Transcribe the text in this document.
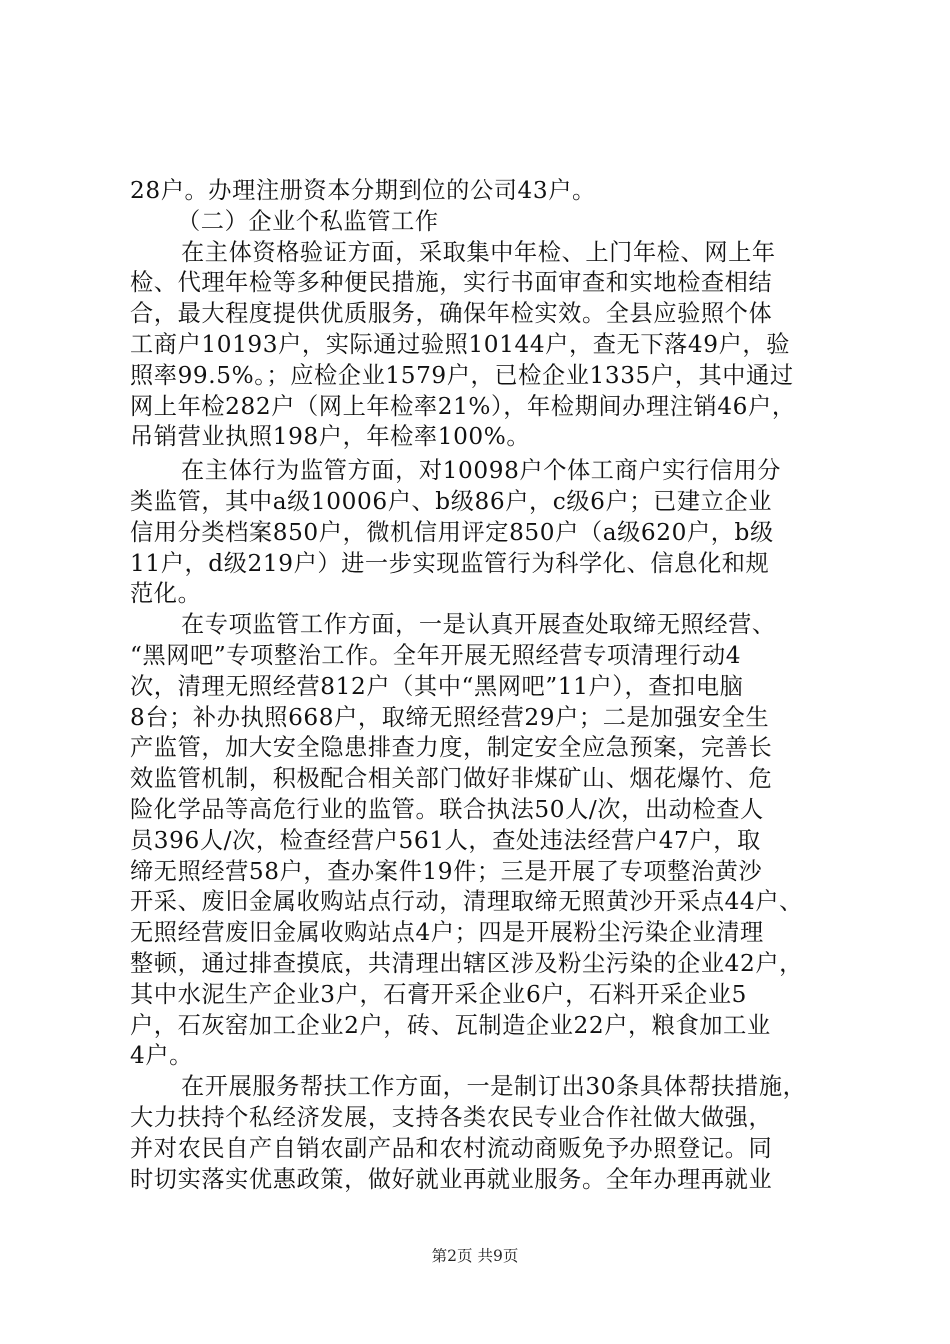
28户。办理注册资本分期到位的公司43户。
（二）企业个私监管工作
在主体资格验证方面，采取集中年检、上门年检、网上年
检、代理年检等多种便民措施，实行书面审查和实地检查相结
合，最大程度提供优质服务，确保年检实效。全县应验照个体
工商户10193户，实际通过验照10144户，查无下落49户，验
照率99.5%。；应检企业1579户，已检企业1335户，其中通过
网上年检282户（网上年检率21%），年检期间办理注销46户，
吊销营业执照198户，年检率100%。
在主体行为监管方面，对10098户个体工商户实行信用分
类监管，其中a级10006户、b级86户，c级6户；已建立企业
信用分类档案850户，微机信用评定850户（a级620户，b级
11户，d级219户）进一步实现监管行为科学化、信息化和规
范化。
在专项监管工作方面，一是认真开展查处取缔无照经营、
“黑网吧”专项整治工作。全年开展无照经营专项清理行动4
次，清理无照经营812户（其中“黑网吧”11户），查扣电脑
8台；补办执照668户，取缔无照经营29户；二是加强安全生
产监管，加大安全隐患排查力度，制定安全应急预案，完善长
效监管机制，积极配合相关部门做好非煤矿山、烟花爆竹、危
险化学品等高危行业的监管。联合执法50人/次，出动检查人
员396人/次，检查经营户561人，查处违法经营户47户，取
缔无照经营58户，查办案件19件；三是开展了专项整治黄沙
开采、废旧金属收购站点行动，清理取缔无照黄沙开采点44户、
无照经营废旧金属收购站点4户；四是开展粉尘污染企业清理
整顿，通过排查摸底，共清理出辖区涉及粉尘污染的企业42户，
其中水泥生产企业3户，石膏开采企业6户，石料开采企业5
户，石灰窑加工企业2户，砖、瓦制造企业22户，粮食加工业
4户。
在开展服务帮扶工作方面，一是制订出30条具体帮扶措施，
大力扶持个私经济发展，支持各类农民专业合作社做大做强，
并对农民自产自销农副产品和农村流动商贩免予办照登记。同
时切实落实优惠政策，做好就业再就业服务。全年办理再就业
第2页 共9页
